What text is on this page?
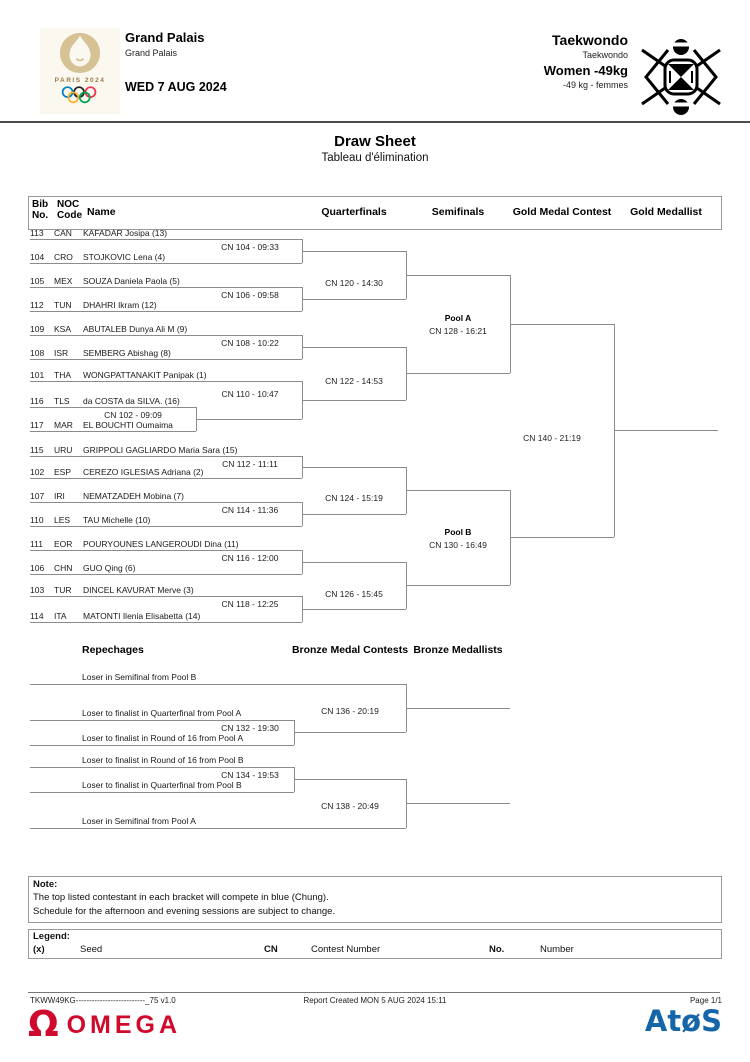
PARIS 2024
Grand Palais
Grand Palais
WED 7 AUG 2024
Taekwondo
Taekwondo
Women -49kg
-49 kg - femmes
Draw Sheet
Tableau d'élimination
Bib
No.
NOC
Code Name	Quarterfinals	Semifinals	Gold Medal Contest	Gold Medallist
113	CAN	KAFADAR Josipa (13)
104	CRO	STOJKOVIC Lena (4)
105	MEX	SOUZA Daniela Paola (5)
112	TUN	DHAHRI Ikram (12)
109	KSA	ABUTALEB Dunya Ali M (9)
108	ISR	SEMBERG Abishag (8)
101	THA	WONGPATTANAKIT Panipak (1)
116	TLS	da COSTA da SILVA. (16)
117	MAR	EL BOUCHTI Oumaima
115	URU	GRIPPOLI GAGLIARDO Maria Sara (15)
102	ESP	CEREZO IGLESIAS Adriana (2)
107	IRI	NEMATZADEH Mobina (7)
110	LES	TAU Michelle (10)
111	EOR	POURYOUNES LANGEROUDI Dina (11)
106	CHN	GUO Qing (6)
103	TUR	DINCEL KAVURAT Merve (3)
114	ITA	MATONTI Ilenia Elisabetta (14)
CN 104 - 09:33
CN 106 - 09:58
CN 108 - 10:22
CN 110 - 10:47
CN 102 - 09:09
CN 112 - 11:11
CN 114 - 11:36
CN 116 - 12:00
CN 118 - 12:25
CN 120 - 14:30
CN 122 - 14:53
CN 124 - 15:19
CN 126 - 15:45
Pool A
CN 128 - 16:21
Pool B
CN 130 - 16:49
CN 140 - 21:19
Repechages	Bronze Medal Contests Bronze Medallists
Loser in Semifinal from Pool B
Loser to finalist in Quarterfinal from Pool A
Loser to finalist in Round of 16 from Pool A
Loser to finalist in Round of 16 from Pool B
Loser to finalist in Quarterfinal from Pool B
Loser in Semifinal from Pool A
CN 132 - 19:30
CN 134 - 19:53
CN 136 - 20:19
CN 138 - 20:49
Note:
The top listed contestant in each bracket will compete in blue (Chung).
Schedule for the afternoon and evening sessions are subject to change.
Legend:
(x)	Seed	CN	Contest Number	No.	Number
TKWW49KG--------------------------_75 v1.0	Report Created MON 5 AUG 2024 15:11	Page 1/1
Ω OMEGA	AtøS
